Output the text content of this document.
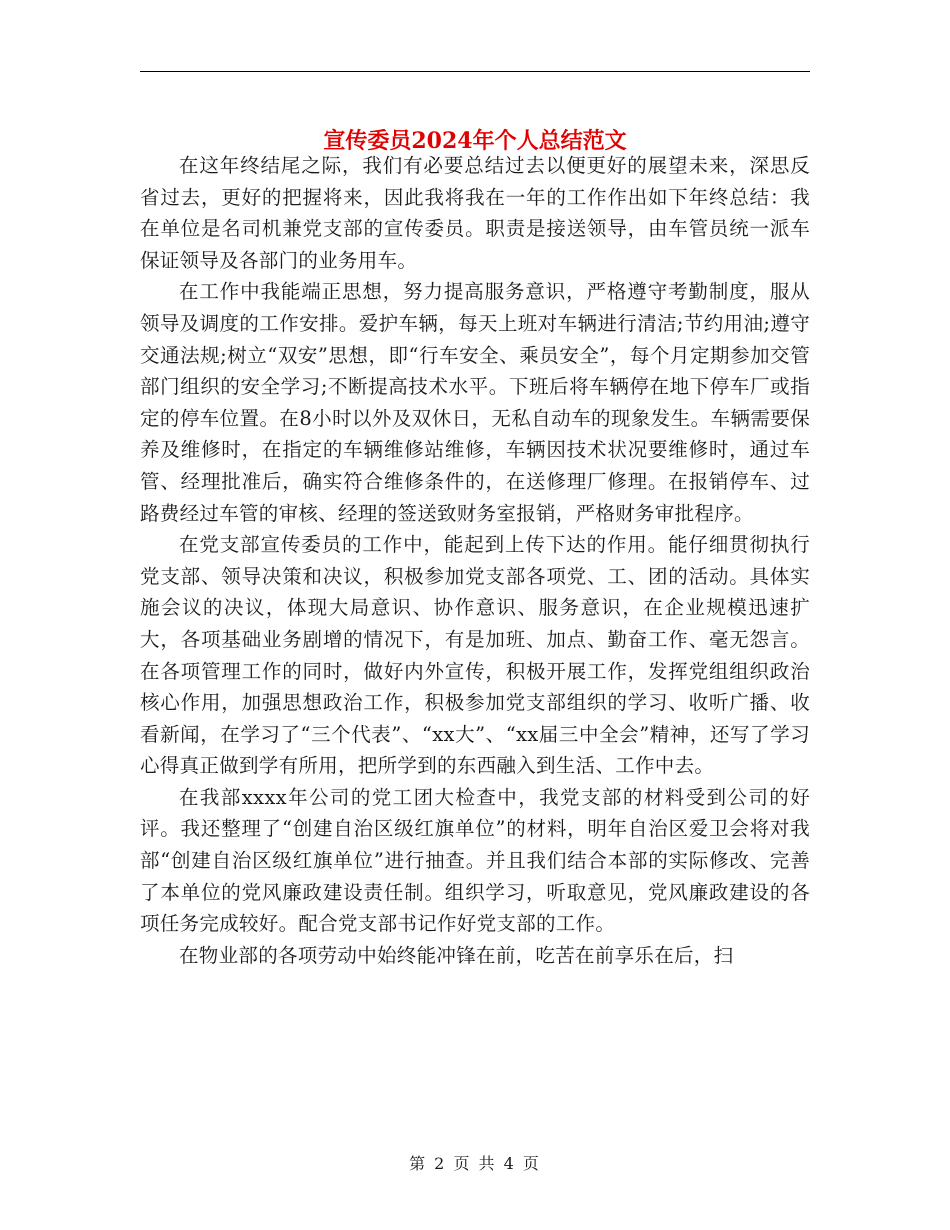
宣传委员2024年个人总结范文

在这年终结尾之际，我们有必要总结过去以便更好的展望未来，深思反省过去，更好的把握将来，因此我将我在一年的工作作出如下年终总结：我在单位是名司机兼党支部的宣传委员。职责是接送领导，由车管员统一派车保证领导及各部门的业务用车。

在工作中我能端正思想，努力提高服务意识，严格遵守考勤制度，服从领导及调度的工作安排。爱护车辆，每天上班对车辆进行清洁;节约用油;遵守交通法规;树立“双安”思想，即“行车安全、乘员安全”，每个月定期参加交管部门组织的安全学习;不断提高技术水平。下班后将车辆停在地下停车厂或指定的停车位置。在8小时以外及双休日，无私自动车的现象发生。车辆需要保养及维修时，在指定的车辆维修站维修，车辆因技术状况要维修时，通过车管、经理批准后，确实符合维修条件的，在送修理厂修理。在报销停车、过路费经过车管的审核、经理的签送致财务室报销，严格财务审批程序。

在党支部宣传委员的工作中，能起到上传下达的作用。能仔细贯彻执行党支部、领导决策和决议，积极参加党支部各项党、工、团的活动。具体实施会议的决议，体现大局意识、协作意识、服务意识，在企业规模迅速扩大，各项基础业务剧增的情况下，有是加班、加点、勤奋工作、毫无怨言。在各项管理工作的同时，做好内外宣传，积极开展工作，发挥党组组织政治核心作用，加强思想政治工作，积极参加党支部组织的学习、收听广播、收看新闻，在学习了“三个代表”、“xx大”、“xx届三中全会”精神，还写了学习心得真正做到学有所用，把所学到的东西融入到生活、工作中去。

在我部xxxx年公司的党工团大检查中，我党支部的材料受到公司的好评。我还整理了“创建自治区级红旗单位”的材料，明年自治区爱卫会将对我部“创建自治区级红旗单位”进行抽查。并且我们结合本部的实际修改、完善了本单位的党风廉政建设责任制。组织学习，听取意见，党风廉政建设的各项任务完成较好。配合党支部书记作好党支部的工作。

在物业部的各项劳动中始终能冲锋在前，吃苦在前享乐在后，扫

第 2 页 共 4 页
